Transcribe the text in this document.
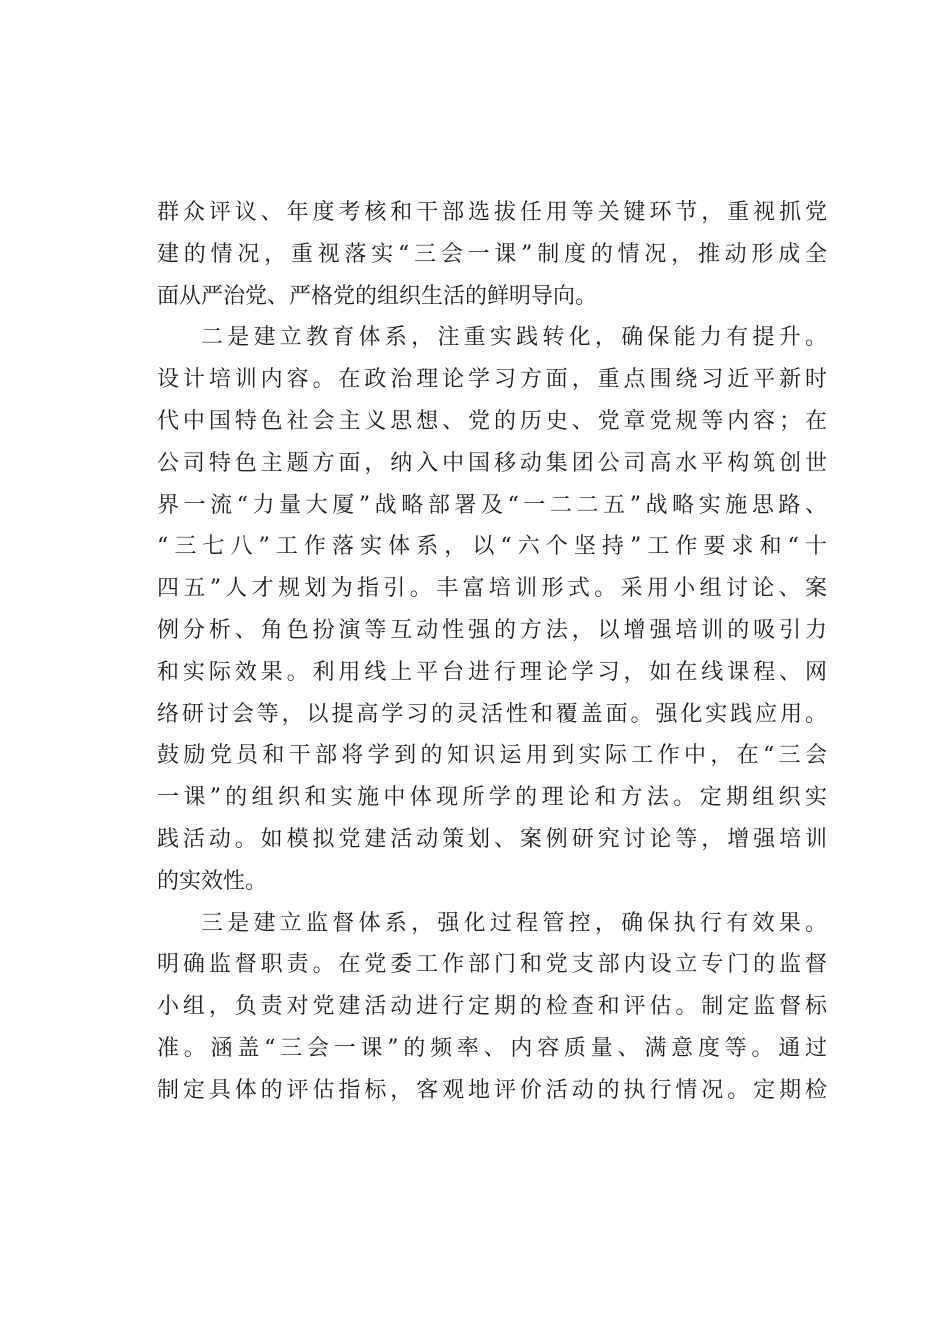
群众评议、年度考核和干部选拔任用等关键环节，重视抓党
建的情况，重视落实“三会一课”制度的情况，推动形成全
面从严治党、严格党的组织生活的鲜明导向。
二是建立教育体系，注重实践转化，确保能力有提升。
设计培训内容。在政治理论学习方面，重点围绕习近平新时
代中国特色社会主义思想、党的历史、党章党规等内容；在
公司特色主题方面，纳入中国移动集团公司高水平构筑创世
界一流“力量大厦”战略部署及“一二二五”战略实施思路、
“三七八”工作落实体系，以“六个坚持”工作要求和“十
四五”人才规划为指引。丰富培训形式。采用小组讨论、案
例分析、角色扮演等互动性强的方法，以增强培训的吸引力
和实际效果。利用线上平台进行理论学习，如在线课程、网
络研讨会等，以提高学习的灵活性和覆盖面。强化实践应用。
鼓励党员和干部将学到的知识运用到实际工作中，在“三会
一课”的组织和实施中体现所学的理论和方法。定期组织实
践活动。如模拟党建活动策划、案例研究讨论等，增强培训
的实效性。
三是建立监督体系，强化过程管控，确保执行有效果。
明确监督职责。在党委工作部门和党支部内设立专门的监督
小组，负责对党建活动进行定期的检查和评估。制定监督标
准。涵盖“三会一课”的频率、内容质量、满意度等。通过
制定具体的评估指标，客观地评价活动的执行情况。定期检
